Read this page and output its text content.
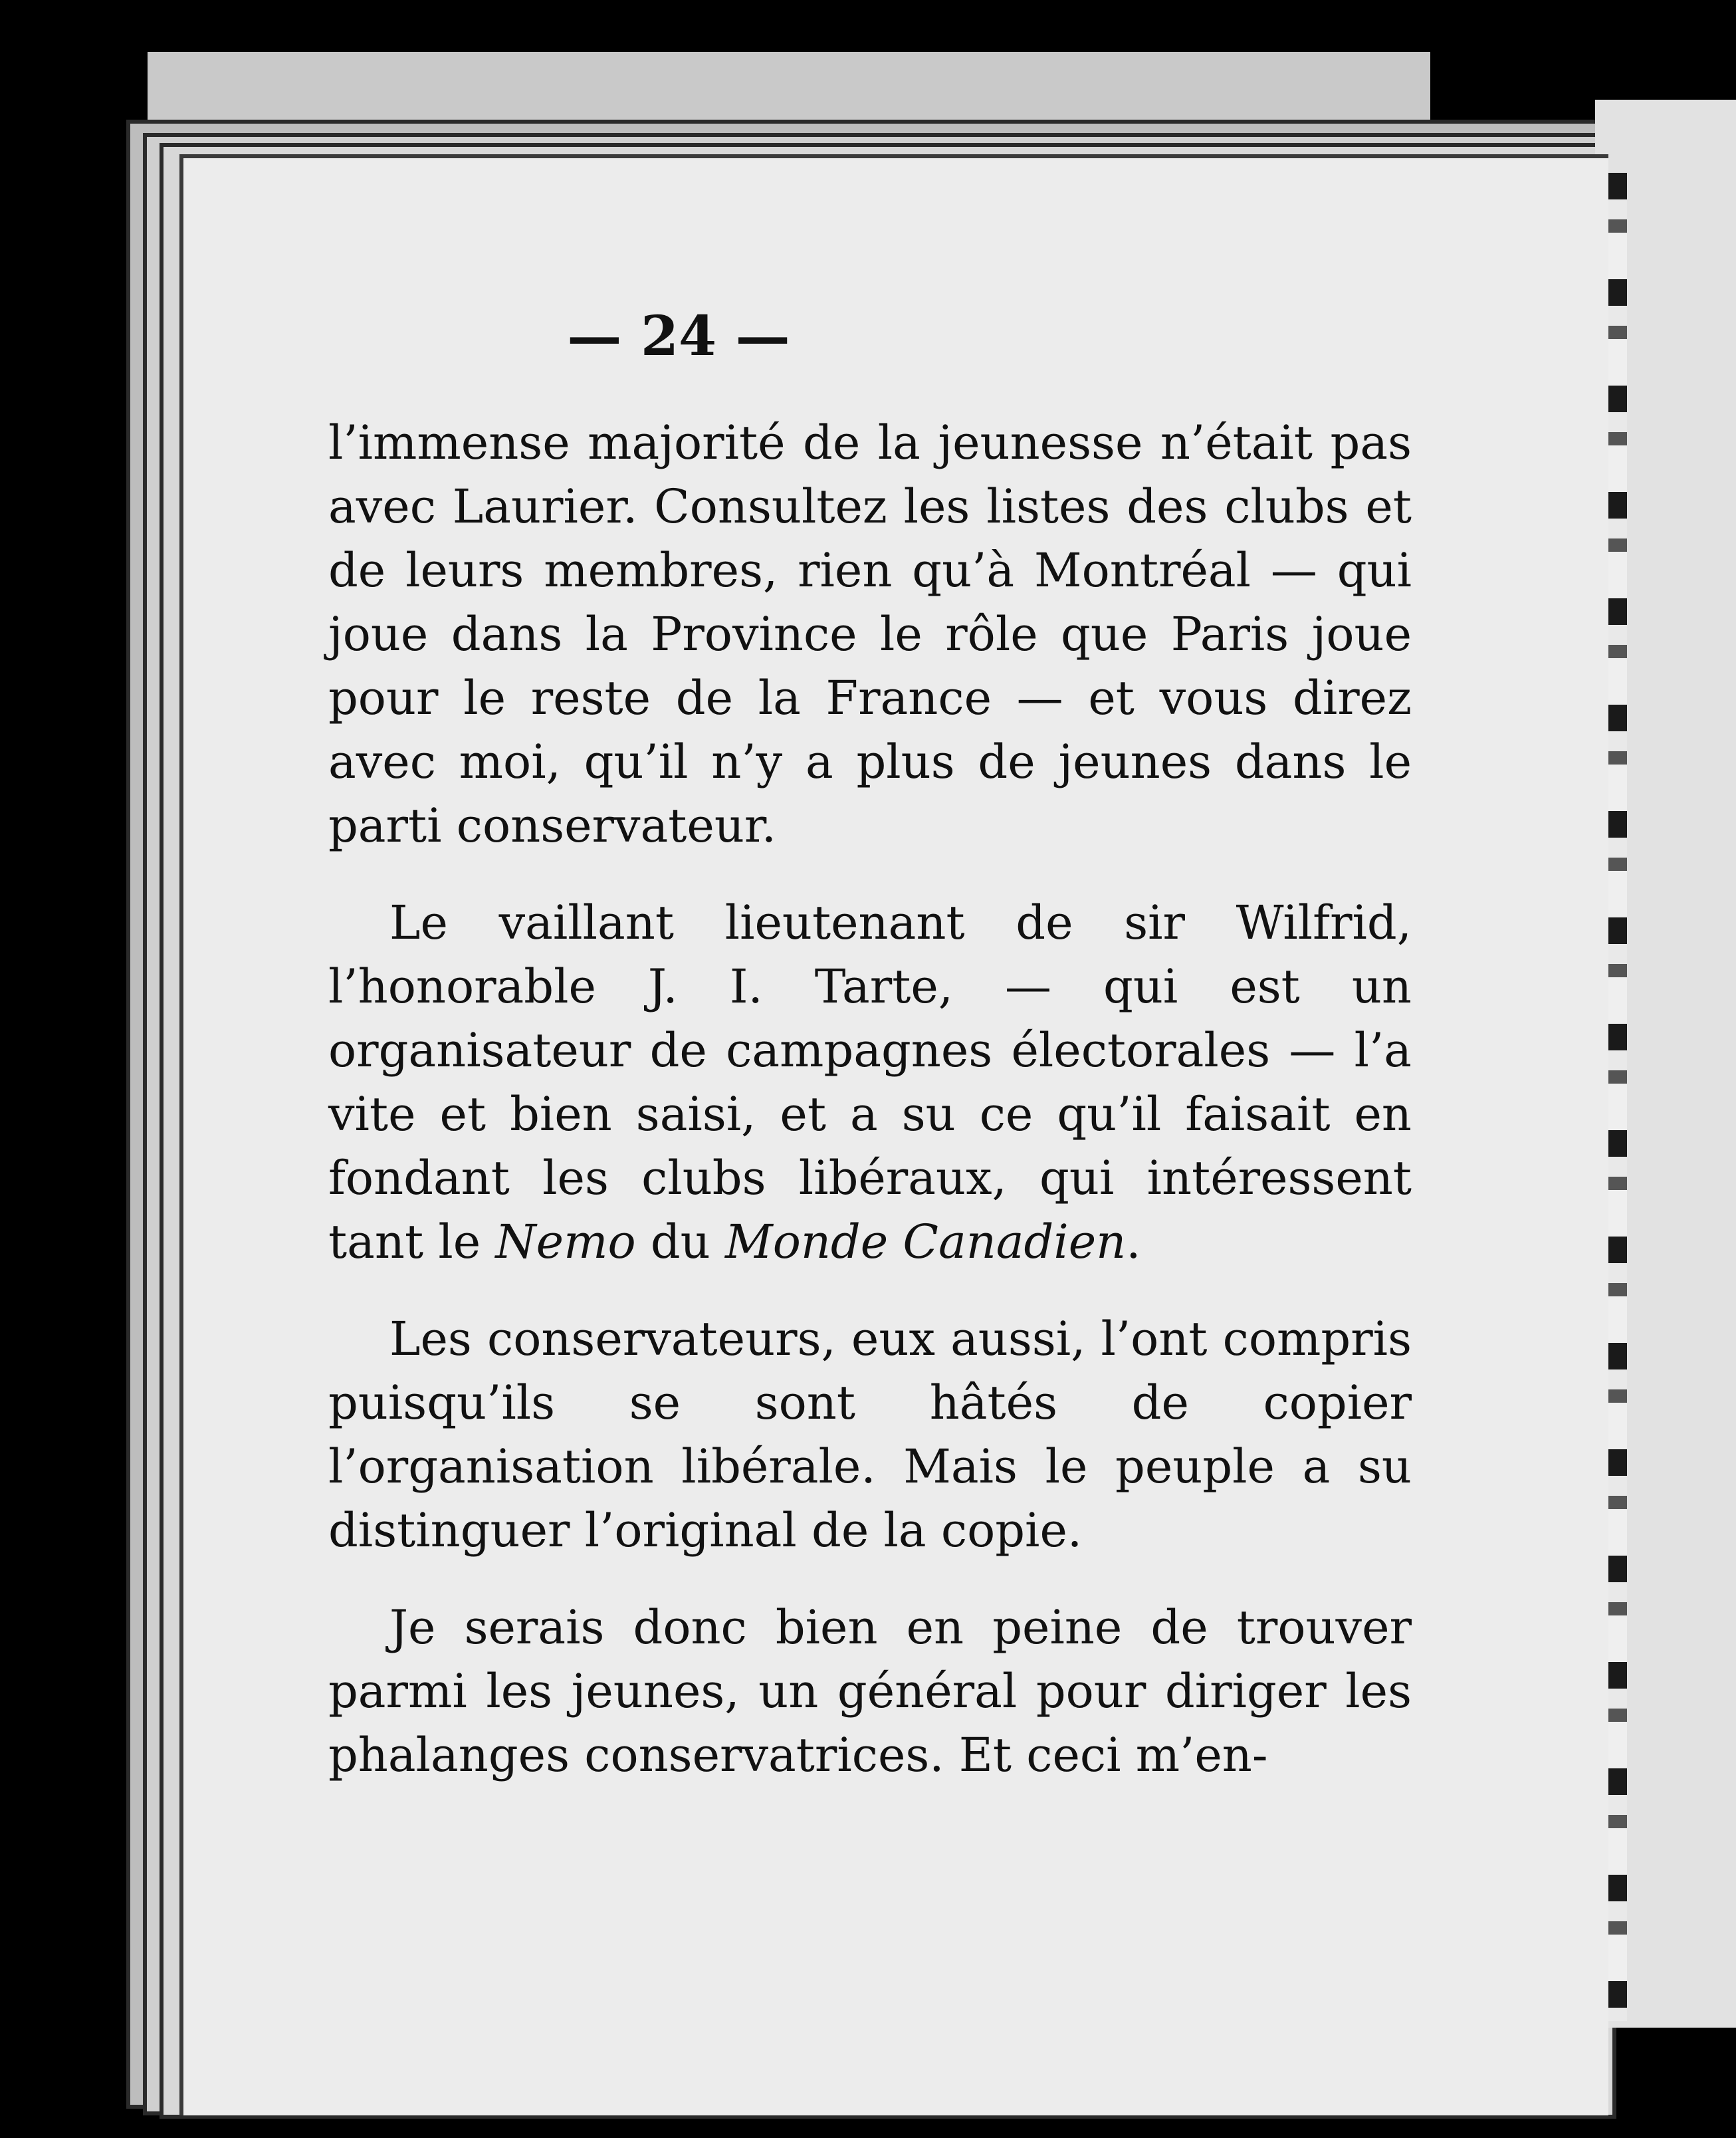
— 24 —

l’immense majorité de la jeunesse n’était pas avec Laurier. Consultez les listes des clubs et de leurs membres, rien qu’à Montréal — qui joue dans la Province le rôle que Paris joue pour le reste de la France — et vous direz avec moi, qu’il n’y a plus de jeunes dans le parti conservateur.

Le vaillant lieutenant de sir Wilfrid, l’honorable J. I. Tarte, — qui est un organisateur de campagnes électorales — l’a vite et bien saisi, et a su ce qu’il faisait en fondant les clubs libéraux, qui intéressent tant le Nemo du Monde Canadien.

Les conservateurs, eux aussi, l’ont compris puisqu’ils se sont hâtés de copier l’organisation libérale. Mais le peuple a su distinguer l’original de la copie.

Je serais donc bien en peine de trouver parmi les jeunes, un général pour diriger les phalanges conservatrices. Et ceci m’en-
